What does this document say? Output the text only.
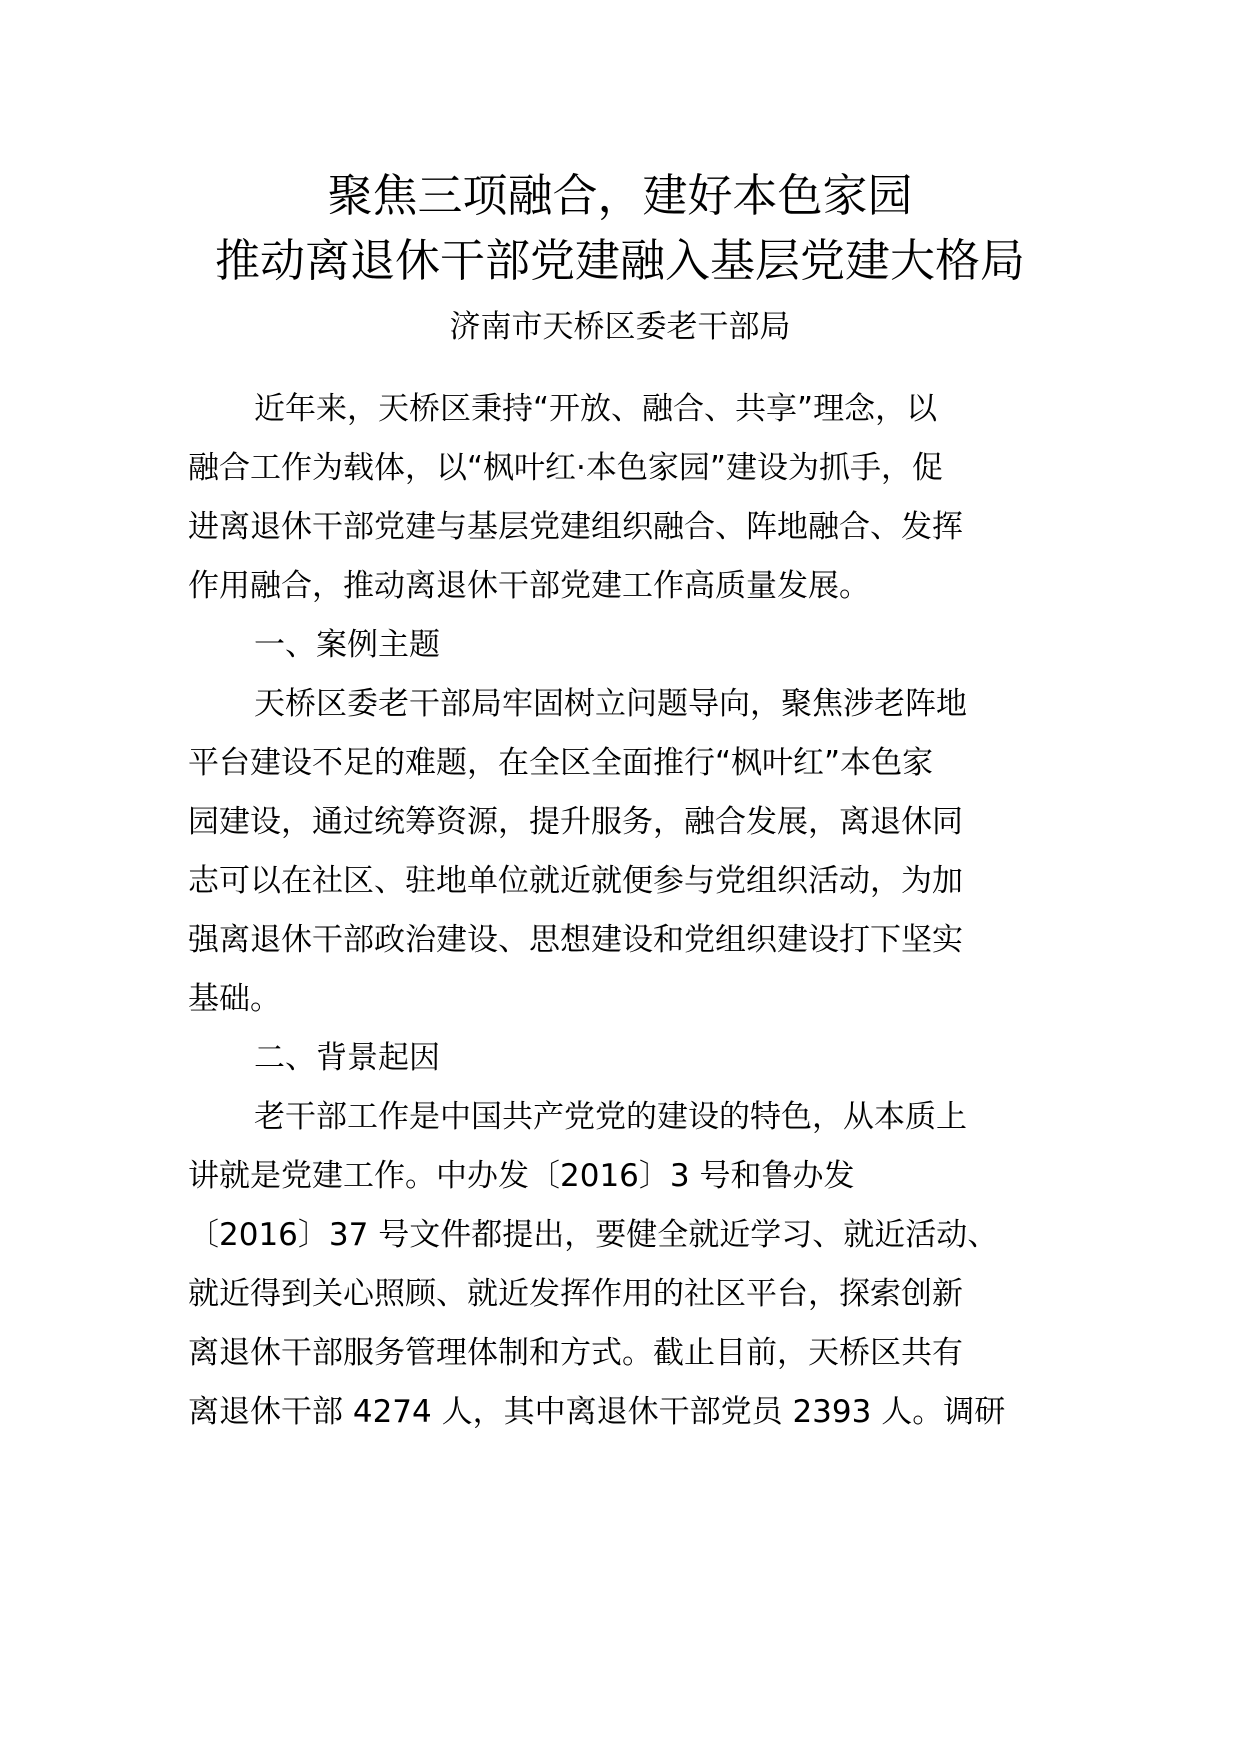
聚焦三项融合，建好本色家园
推动离退休干部党建融入基层党建大格局

济南市天桥区委老干部局

近年来，天桥区秉持“开放、融合、共享”理念，以

融合工作为载体，以“枫叶红·本色家园”建设为抓手，促

进离退休干部党建与基层党建组织融合、阵地融合、发挥

作用融合，推动离退休干部党建工作高质量发展。

一、案例主题

天桥区委老干部局牢固树立问题导向，聚焦涉老阵地

平台建设不足的难题，在全区全面推行“枫叶红”本色家

园建设，通过统筹资源，提升服务，融合发展，离退休同

志可以在社区、驻地单位就近就便参与党组织活动，为加

强离退休干部政治建设、思想建设和党组织建设打下坚实

基础。

二、背景起因

老干部工作是中国共产党党的建设的特色，从本质上

讲就是党建工作。中办发〔2016〕3 号和鲁办发

〔2016〕37 号文件都提出，要健全就近学习、就近活动、

就近得到关心照顾、就近发挥作用的社区平台，探索创新

离退休干部服务管理体制和方式。截止目前，天桥区共有

离退休干部 4274 人，其中离退休干部党员 2393 人。调研
